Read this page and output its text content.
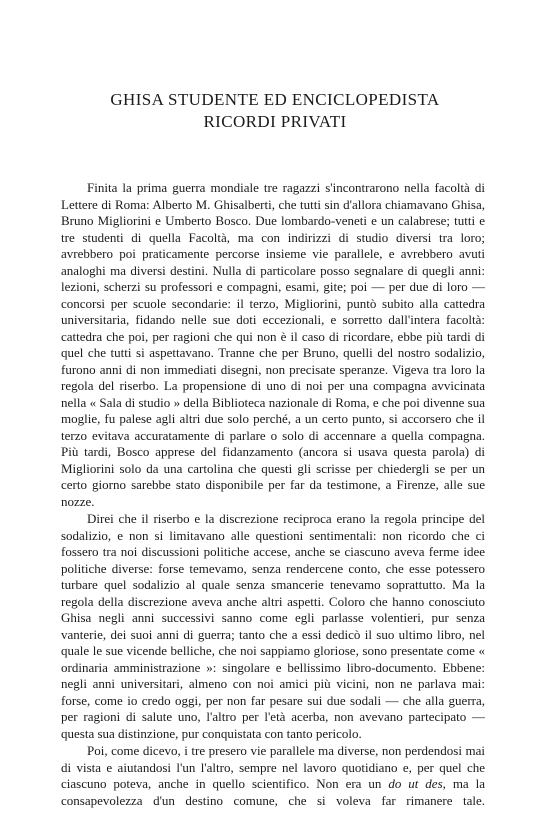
GHISA STUDENTE ED ENCICLOPEDISTA
RICORDI PRIVATI

Finita la prima guerra mondiale tre ragazzi s'incontrarono nella facoltà di Lettere di Roma: Alberto M. Ghisalberti, che tutti sin d'allora chiamavano Ghisa, Bruno Migliorini e Umberto Bosco. Due lombardo-veneti e un calabrese; tutti e tre studenti di quella Facoltà, ma con indirizzi di studio diversi tra loro; avrebbero poi praticamente percorse insieme vie parallele, e avrebbero avuti analoghi ma diversi destini. Nulla di particolare posso segnalare di quegli anni: lezioni, scherzi su professori e compagni, esami, gite; poi — per due di loro — concorsi per scuole secondarie: il terzo, Migliorini, puntò subito alla cattedra universitaria, fidando nelle sue doti eccezionali, e sorretto dall'intera facoltà: cattedra che poi, per ragioni che qui non è il caso di ricordare, ebbe più tardi di quel che tutti si aspettavano. Tranne che per Bruno, quelli del nostro sodalizio, furono anni di non immediati disegni, non precisate speranze. Vigeva tra loro la regola del riserbo. La propensione di uno di noi per una compagna avvicinata nella « Sala di studio » della Biblioteca nazionale di Roma, e che poi divenne sua moglie, fu palese agli altri due solo perché, a un certo punto, si accorsero che il terzo evitava accuratamente di parlare o solo di accennare a quella compagna. Più tardi, Bosco apprese del fidanzamento (ancora si usava questa parola) di Migliorini solo da una cartolina che questi gli scrisse per chiedergli se per un certo giorno sarebbe stato disponibile per far da testimone, a Firenze, alle sue nozze.

Direi che il riserbo e la discrezione reciproca erano la regola principe del sodalizio, e non si limitavano alle questioni sentimentali: non ricordo che ci fossero tra noi discussioni politiche accese, anche se ciascuno aveva ferme idee politiche diverse: forse temevamo, senza rendercene conto, che esse potessero turbare quel sodalizio al quale senza smancerie tenevamo soprattutto. Ma la regola della discrezione aveva anche altri aspetti. Coloro che hanno conosciuto Ghisa negli anni successivi sanno come egli parlasse volentieri, pur senza vanterie, dei suoi anni di guerra; tanto che a essi dedicò il suo ultimo libro, nel quale le sue vicende belliche, che noi sappiamo gloriose, sono presentate come « ordinaria amministrazione »: singolare e bellissimo libro-documento. Ebbene: negli anni universitari, almeno con noi amici più vicini, non ne parlava mai: forse, come io credo oggi, per non far pesare sui due sodali — che alla guerra, per ragioni di salute uno, l'altro per l'età acerba, non avevano partecipato — questa sua distinzione, pur conquistata con tanto pericolo.

Poi, come dicevo, i tre presero vie parallele ma diverse, non perdendosi mai di vista e aiutandosi l'un l'altro, sempre nel lavoro quotidiano e, per quel che ciascuno poteva, anche in quello scientifico. Non era un do ut des, ma la consapevolezza d'un destino comune, che si voleva far rimanere tale.
